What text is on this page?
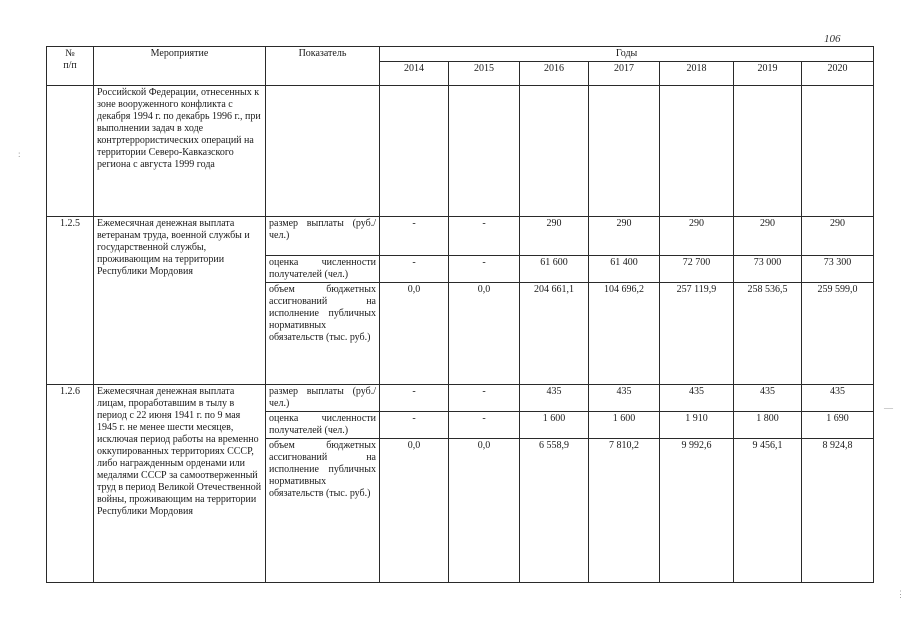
106
№
п/п	Мероприятие	Показатель	Годы						
			2014	2015	2016	2017	2018	2019	2020
	Российской Федерации, отнесенных к зоне вооруженного конфликта с декабря 1994 г. по декабрь 1996 г., при выполнении задач в ходе контртеррористических операций на территории Северо-Кавказского региона с августа 1999 года								
1.2.5	Ежемесячная денежная выплата ветеранам труда, военной службы и государственной службы, проживающим на территории Республики Мордовия	размер выплаты (руб./ чел.)	-	-	290	290	290	290	290
		оценка численности получателей (чел.)	-	-	61 600	61 400	72 700	73 000	73 300
		объем бюджетных ассигнований на исполнение публичных нормативных обязательств (тыс. руб.)	0,0	0,0	204 661,1	104 696,2	257 119,9	258 536,5	259 599,0
1.2.6	Ежемесячная денежная выплата лицам, проработавшим в тылу в период с 22 июня 1941 г. по 9 мая 1945 г. не менее шести месяцев, исключая период работы на временно оккупированных территориях СССР, либо награжденным орденами или медалями СССР за самоотверженный труд в период Великой Отечественной войны, проживающим на территории Республики Мордовия	размер выплаты (руб./ чел.)	-	-	435	435	435	435	435
		оценка численности получателей (чел.)	-	-	1 600	1 600	1 910	1 800	1 690
		объем бюджетных ассигнований на исполнение публичных нормативных обязательств (тыс. руб.)	0,0	0,0	6 558,9	7 810,2	9 992,6	9 456,1	8 924,8
:
—
⋮
